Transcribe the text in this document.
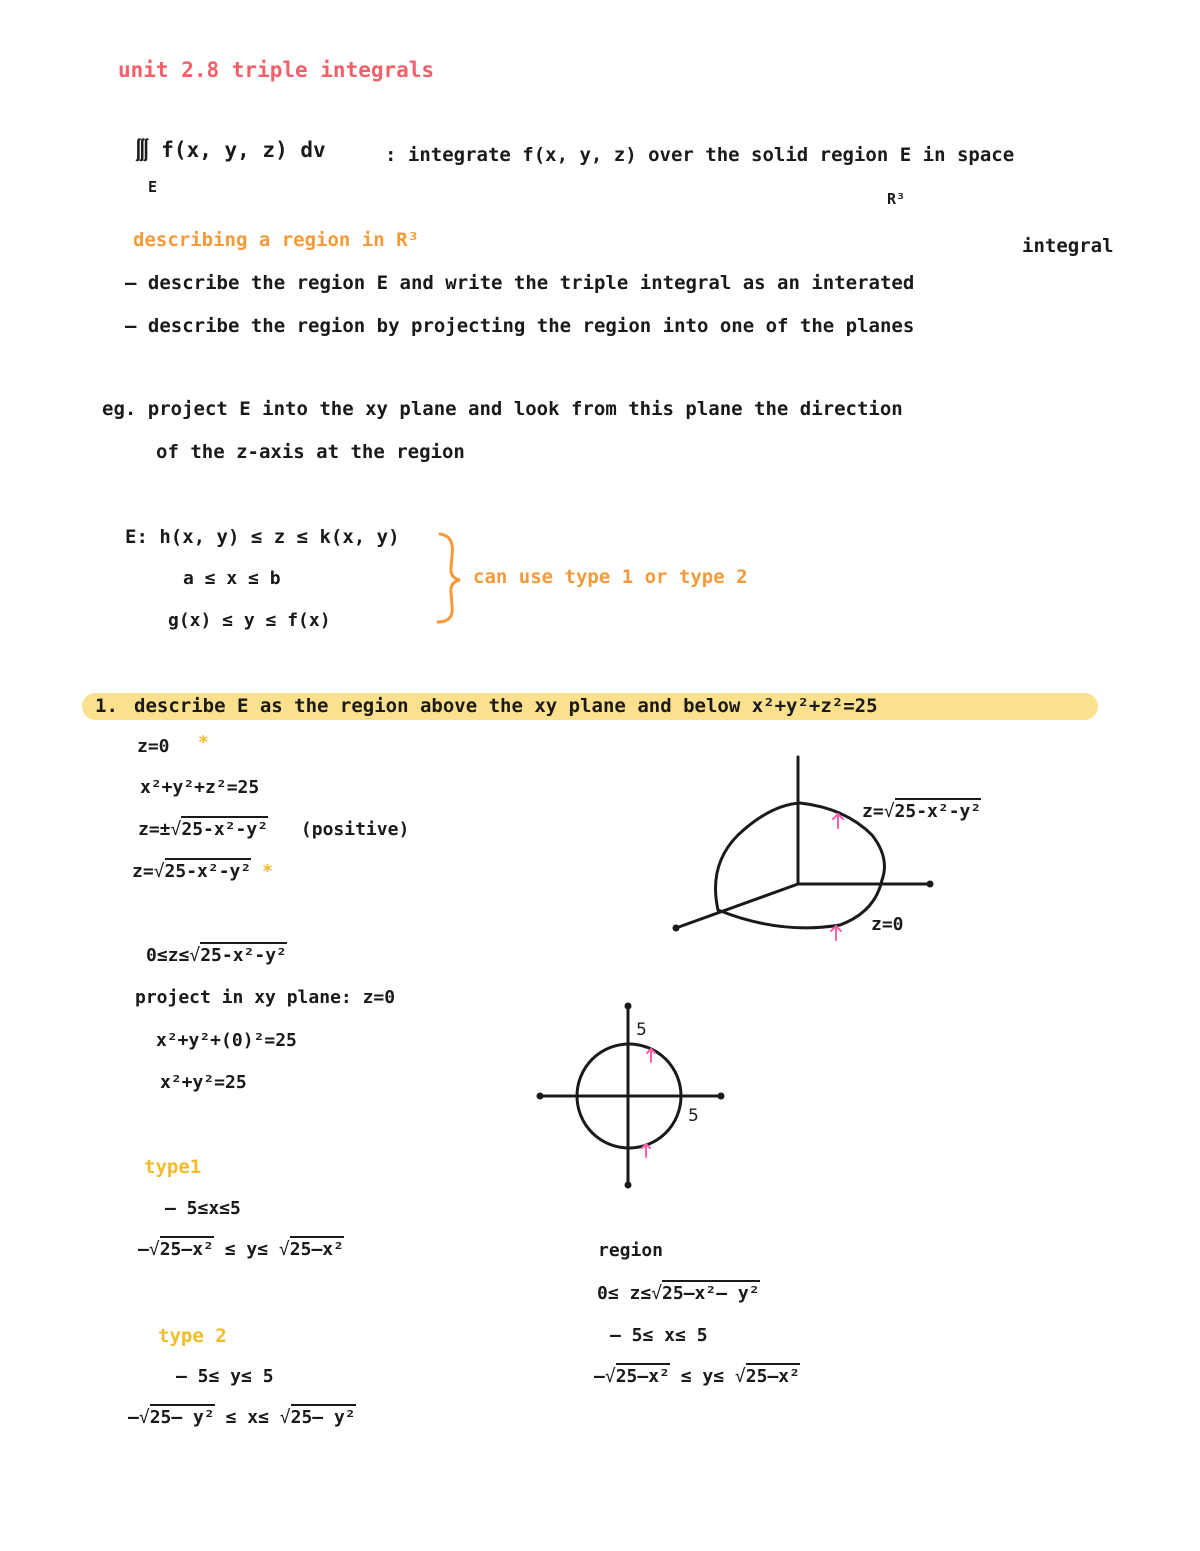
unit 2.8 triple integrals
∭ f(x, y, z) dv
E
: integrate f(x, y, z) over the solid region E in space
R³
describing a region in R³	integral
– describe the region E and write the triple integral as an interated
– describe the region by projecting the region into one of the planes
eg. project E into the xy plane and look from this plane the direction
of the z-axis at the region
E: h(x, y) ≤ z ≤ k(x, y)
a ≤ x ≤ b
g(x) ≤ y ≤ f(x)
can use type 1 or type 2
1. describe E as the region above the xy plane and below x²+y²+z²=25
z=0 *
x²+y²+z²=25
z=±√25-x²-y² (positive)
z=√25-x²-y² *
0≤z≤√25-x²-y²
project in xy plane: z=0
x²+y²+(0)²=25
x²+y²=25
type1
– 5≤x≤5
–√25–x² ≤ y≤ √25–x²
type 2
– 5≤ y≤ 5
–√25– y² ≤ x≤ √25– y²
region
0≤ z≤√25–x²– y²
– 5≤ x≤ 5
–√25–x² ≤ y≤ √25–x²
z=√25-x²-y²
z=0
5
5
